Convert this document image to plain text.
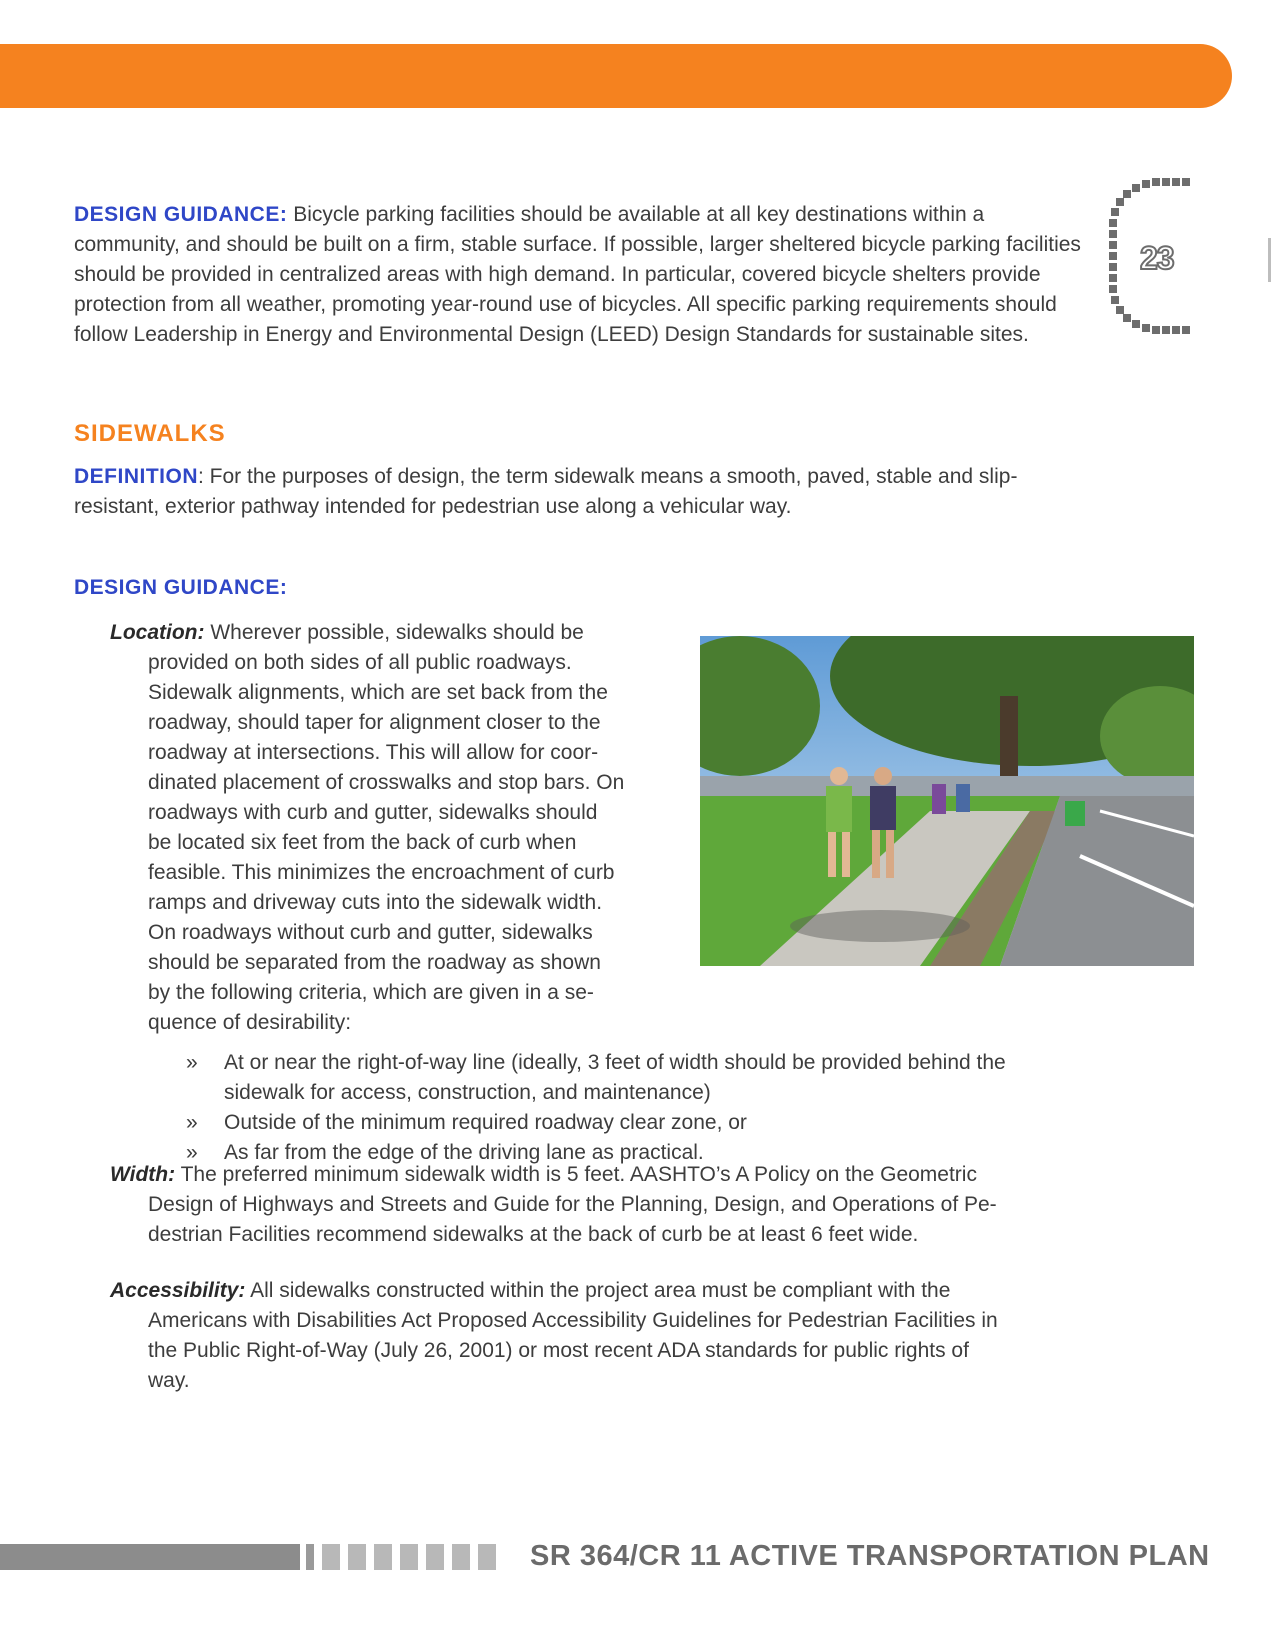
23
DESIGN GUIDANCE: Bicycle parking facilities should be available at all key destinations within a community, and should be built on a firm, stable surface. If possible, larger sheltered bicycle parking facilities should be provided in centralized areas with high demand. In particular, covered bicycle shelters provide protection from all weather, promoting year-round use of bicycles. All specific parking requirements should follow Leadership in Energy and Environmental Design (LEED) Design Standards for sustainable sites.
SIDEWALKS
DEFINITION: For the purposes of design, the term sidewalk means a smooth, paved, stable and slip-resistant, exterior pathway intended for pedestrian use along a vehicular way.
DESIGN GUIDANCE:
Location: Wherever possible, sidewalks should be
provided on both sides of all public roadways.
Sidewalk alignments, which are set back from the
roadway, should taper for alignment closer to the
roadway at intersections. This will allow for coor-
dinated placement of crosswalks and stop bars. On
roadways with curb and gutter, sidewalks should
be located six feet from the back of curb when
feasible. This minimizes the encroachment of curb
ramps and driveway cuts into the sidewalk width.
On roadways without curb and gutter, sidewalks
should be separated from the roadway as shown
by the following criteria, which are given in a se-
quence of desirability:
» At or near the right-of-way line (ideally, 3 feet of width should be provided behind the sidewalk for access, construction, and maintenance)
» Outside of the minimum required roadway clear zone, or
» As far from the edge of the driving lane as practical.
Width: The preferred minimum sidewalk width is 5 feet. AASHTO’s A Policy on the Geometric
Design of Highways and Streets and Guide for the Planning, Design, and Operations of Pe-
destrian Facilities recommend sidewalks at the back of curb be at least 6 feet wide.
Accessibility: All sidewalks constructed within the project area must be compliant with the
Americans with Disabilities Act Proposed Accessibility Guidelines for Pedestrian Facilities in
the Public Right-of-Way (July 26, 2001) or most recent ADA standards for public rights of
way.
SR 364/CR 11 ACTIVE TRANSPORTATION PLAN
